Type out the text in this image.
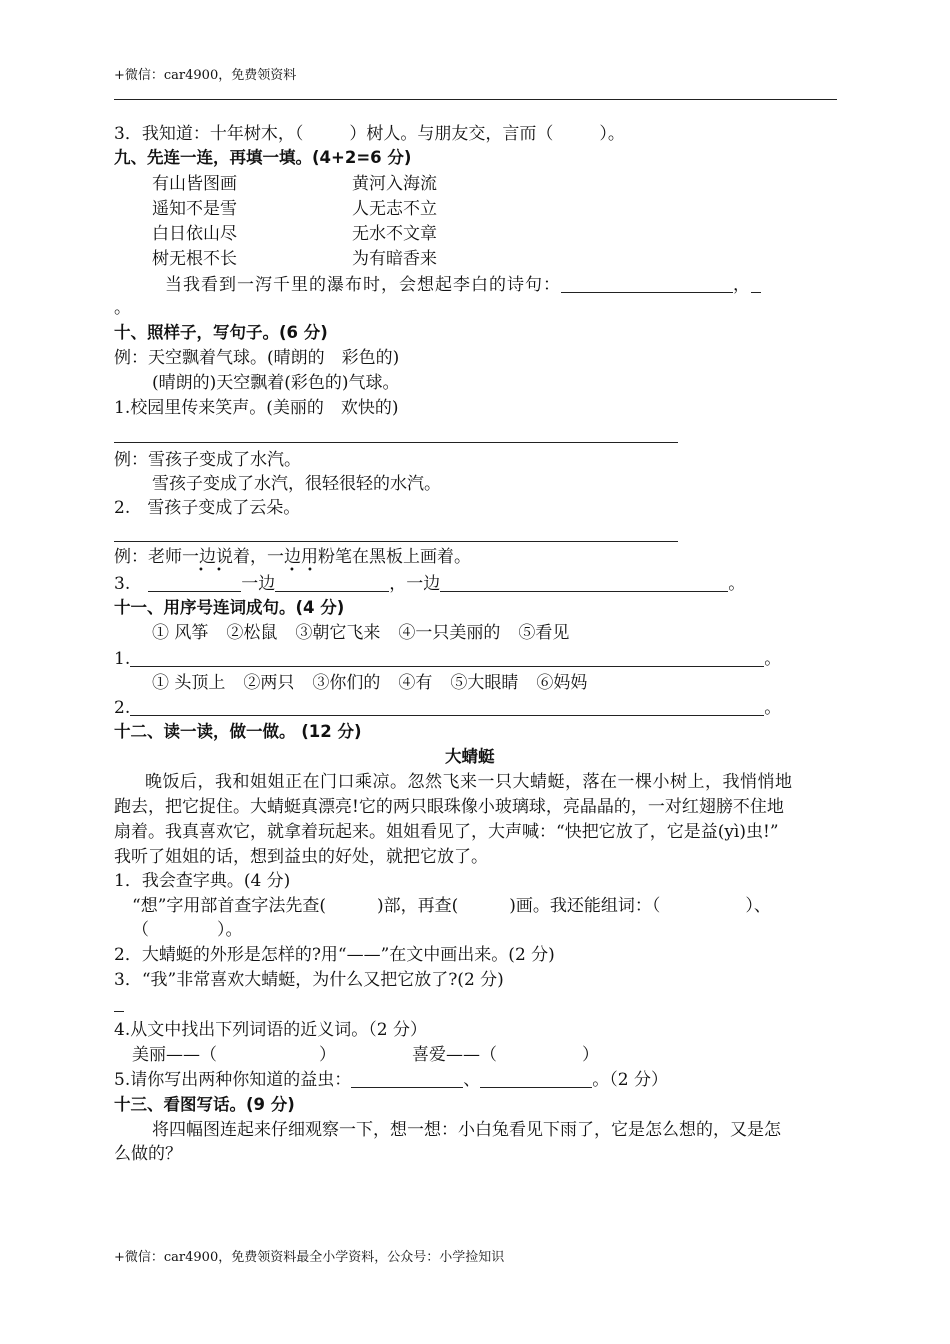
+微信：car4900，免费领资料
3．我知道：十年树木，（	）树人。与朋友交，言而（	）。
九、先连一连，再填一填。(4+2=6 分)
有山皆图画	黄河入海流
遥知不是雪	人无志不立
白日依山尽	无水不文章
树无根不长	为有暗香来
当我看到一泻千里的瀑布时，会想起李白的诗句：	，
。
十、照样子，写句子。(6 分)
例：天空飘着气球。(晴朗的　彩色的)
(晴朗的)天空飘着(彩色的)气球。
1.校园里传来笑声。(美丽的　欢快的)
例：雪孩子变成了水汽。
雪孩子变成了水汽，很轻很轻的水汽。
2.　雪孩子变成了云朵。
例：老师一边说着，一边用粉笔在黑板上画着。
• •	• •
3.	一边	，一边	。
十一、用序号连词成句。(4 分)
① 风筝 ②松鼠 ③朝它飞来 ④一只美丽的 ⑤看见
1.	。
① 头顶上 ②两只 ③你们的 ④有 ⑤大眼睛 ⑥妈妈
2.	。
十二、读一读，做一做。 (12 分)
大蜻蜓
晚饭后，我和姐姐正在门口乘凉。忽然飞来一只大蜻蜓，落在一棵小树上，我悄悄地
跑去，把它捉住。大蜻蜓真漂亮!它的两只眼珠像小玻璃球，亮晶晶的，一对红翅膀不住地
扇着。我真喜欢它，就拿着玩起来。姐姐看见了，大声喊：“快把它放了，它是益(yì)虫!”
我听了姐姐的话，想到益虫的好处，就把它放了。
1．我会查字典。(4 分)
“想”字用部首查字法先查(　　　)部，再查(　　　)画。我还能组词：（　　　　　）、
（　　　　）。
2．大蜻蜓的外形是怎样的?用“——”在文中画出来。(2 分)
3．“我”非常喜欢大蜻蜓，为什么又把它放了?(2 分)
4.从文中找出下列词语的近义词。（2 分）
美丽——（　　　　　　）	喜爱——（　　　　　）
5.请你写出两种你知道的益虫：	、	。（2 分）
十三、看图写话。(9 分)
将四幅图连起来仔细观察一下，想一想：小白兔看见下雨了，它是怎么想的，又是怎
么做的？
+微信：car4900，免费领资料最全小学资料，公众号：小学捡知识
